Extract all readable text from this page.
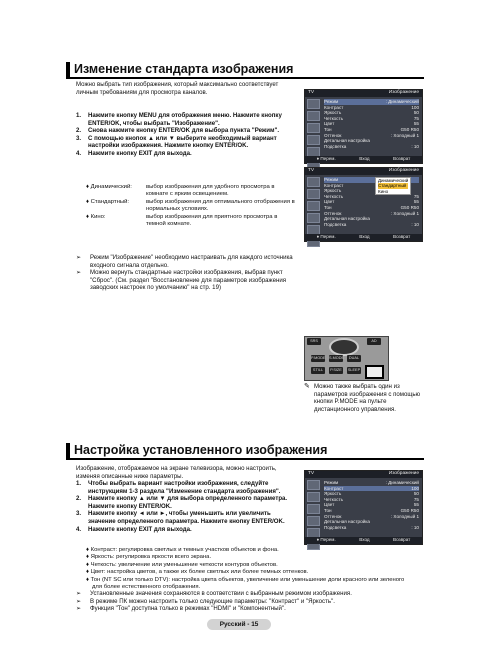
Изменение стандарта изображения
Можно выбрать тип изображения, который максимально соответствует личным требованиям для просмотра каналов.
1. Нажмите кнопку MENU для отображения меню. Нажмите кнопку ENTER/OK, чтобы выбрать "Изображение".
2. Снова нажмите кнопку ENTER/OK для выбора пункта "Режим".
3. С помощью кнопок ▲ или ▼ выберите необходимый вариант настройки изображения. Нажмите кнопку ENTER/OK.
4. Нажмите кнопку EXIT для выхода.
♦ Динамический:	выбор изображения для удобного просмотра в комнате с ярким освещением.
♦ Стандартный:	выбор изображения для оптимального отображения в нормальных условиях.
♦ Кино:	выбор изображения для приятного просмотра в темной комнате.
➢ Режим "Изображение" необходимо настраивать для каждого источника входного сигнала отдельно.
➢ Можно вернуть стандартные настройки изображения, выбрав пункт "Сброс". (См. раздел "Восстановление для параметров изображения заводских настроек по умолчанию" на стр. 19)
TV	Изображение
Режим	: Динамический
Контраст	100
Яркость	50
Четкость	75
Цвет	55
Тон	G50 R50
Оттенок	: Холодный 1
Детальная настройка
Подсветка	: 10
♦ Перем.	Вход	Возврат
TV	Изображение
Режим
Контраст
Яркость
Четкость	75
Цвет	55
Тон	G50 R50
Оттенок	: Холодный 1
Детальная настройка
Подсветка	: 10
Динамический
Стандартный
Кино
♦ Перем.	Вход	Возврат
SRS
P.MODE S.MODE	DUAL
STILL	P.SIZE	SLEEP
AD
✎ Можно также выбрать один из параметров изображения с помощью кнопки P.MODE на пульте дистанционного управления.
Настройка установленного изображения
Изображение, отображаемое на экране телевизора, можно настроить, изменяя описанные ниже параметры.
1. Чтобы выбрать вариант настройки изображения, следуйте инструкциям 1-3 раздела "Изменение стандарта изображения".
2. Нажмите кнопку ▲ или ▼ для выбора определенного параметра. Нажмите кнопку ENTER/OK.
3. Нажмите кнопку ◄ или ►, чтобы уменьшить или увеличить значение определенного параметра. Нажмите кнопку ENTER/OK.
4. Нажмите кнопку EXIT для выхода.
TV	Изображение
Режим	: Динамический
Контраст	100
Яркость	50
Четкость	75
Цвет	55
Тон	G50 R50
Оттенок	: Холодный 1
Детальная настройка
Подсветка	: 10
♦ Перем.	Вход	Возврат
♦ Контраст: регулировка светлых и темных участков объектов и фона.
♦ Яркость: регулировка яркости всего экрана.
♦ Четкость: увеличение или уменьшение четкости контуров объектов.
♦ Цвет: настройка цветов, а также их более светлых или более темных оттенков.
♦ Тон (NT SC или только DTV): настройка цвета объектов, увеличение или уменьшение доли красного или зеленого для более естественного отображения.
➢ Установленные значения сохраняются в соответствии с выбранным режимом изображения.
➢ В режиме ПК можно настроить только следующие параметры: "Контраст" и "Яркость".
➢ Функция "Тон" доступна только в режимах "HDMI" и "Компонентный".
Русский - 15
